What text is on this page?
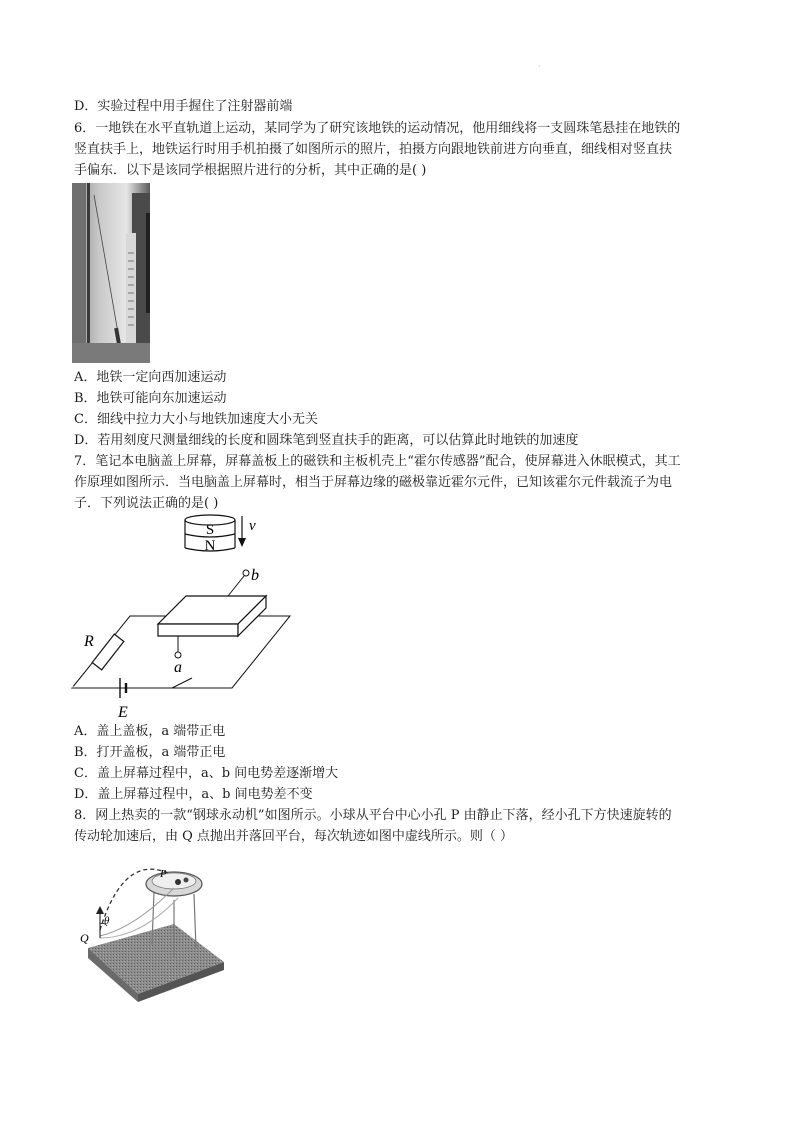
·
D．实验过程中用手握住了注射器前端
6．一地铁在水平直轨道上运动，某同学为了研究该地铁的运动情况，他用细线将一支圆珠笔悬挂在地铁的
竖直扶手上，地铁运行时用手机拍摄了如图所示的照片，拍摄方向跟地铁前进方向垂直，细线相对竖直扶
手偏东．以下是该同学根据照片进行的分析，其中正确的是( )
A．地铁一定向西加速运动
B．地铁可能向东加速运动
C．细线中拉力大小与地铁加速度大小无关
D．若用刻度尺测量细线的长度和圆珠笔到竖直扶手的距离，可以估算此时地铁的加速度
7．笔记本电脑盖上屏幕，屏幕盖板上的磁铁和主板机壳上“霍尔传感器”配合，使屏幕进入休眠模式，其工
作原理如图所示．当电脑盖上屏幕时，相当于屏幕边缘的磁极靠近霍尔元件，已知该霍尔元件载流子为电
子．下列说法正确的是( )
S
N
v
b
a
R
E
A．盖上盖板，a 端带正电
B．打开盖板，a 端带正电
C．盖上屏幕过程中，a、b 间电势差逐渐增大
D．盖上屏幕过程中，a、b 间电势差不变
8．网上热卖的一款“钢球永动机”如图所示。小球从平台中心小孔 P 由静止下落，经小孔下方快速旋转的
传动轮加速后，由 Q 点抛出并落回平台，每次轨迹如图中虚线所示。则（ ）
P
θ
Q
